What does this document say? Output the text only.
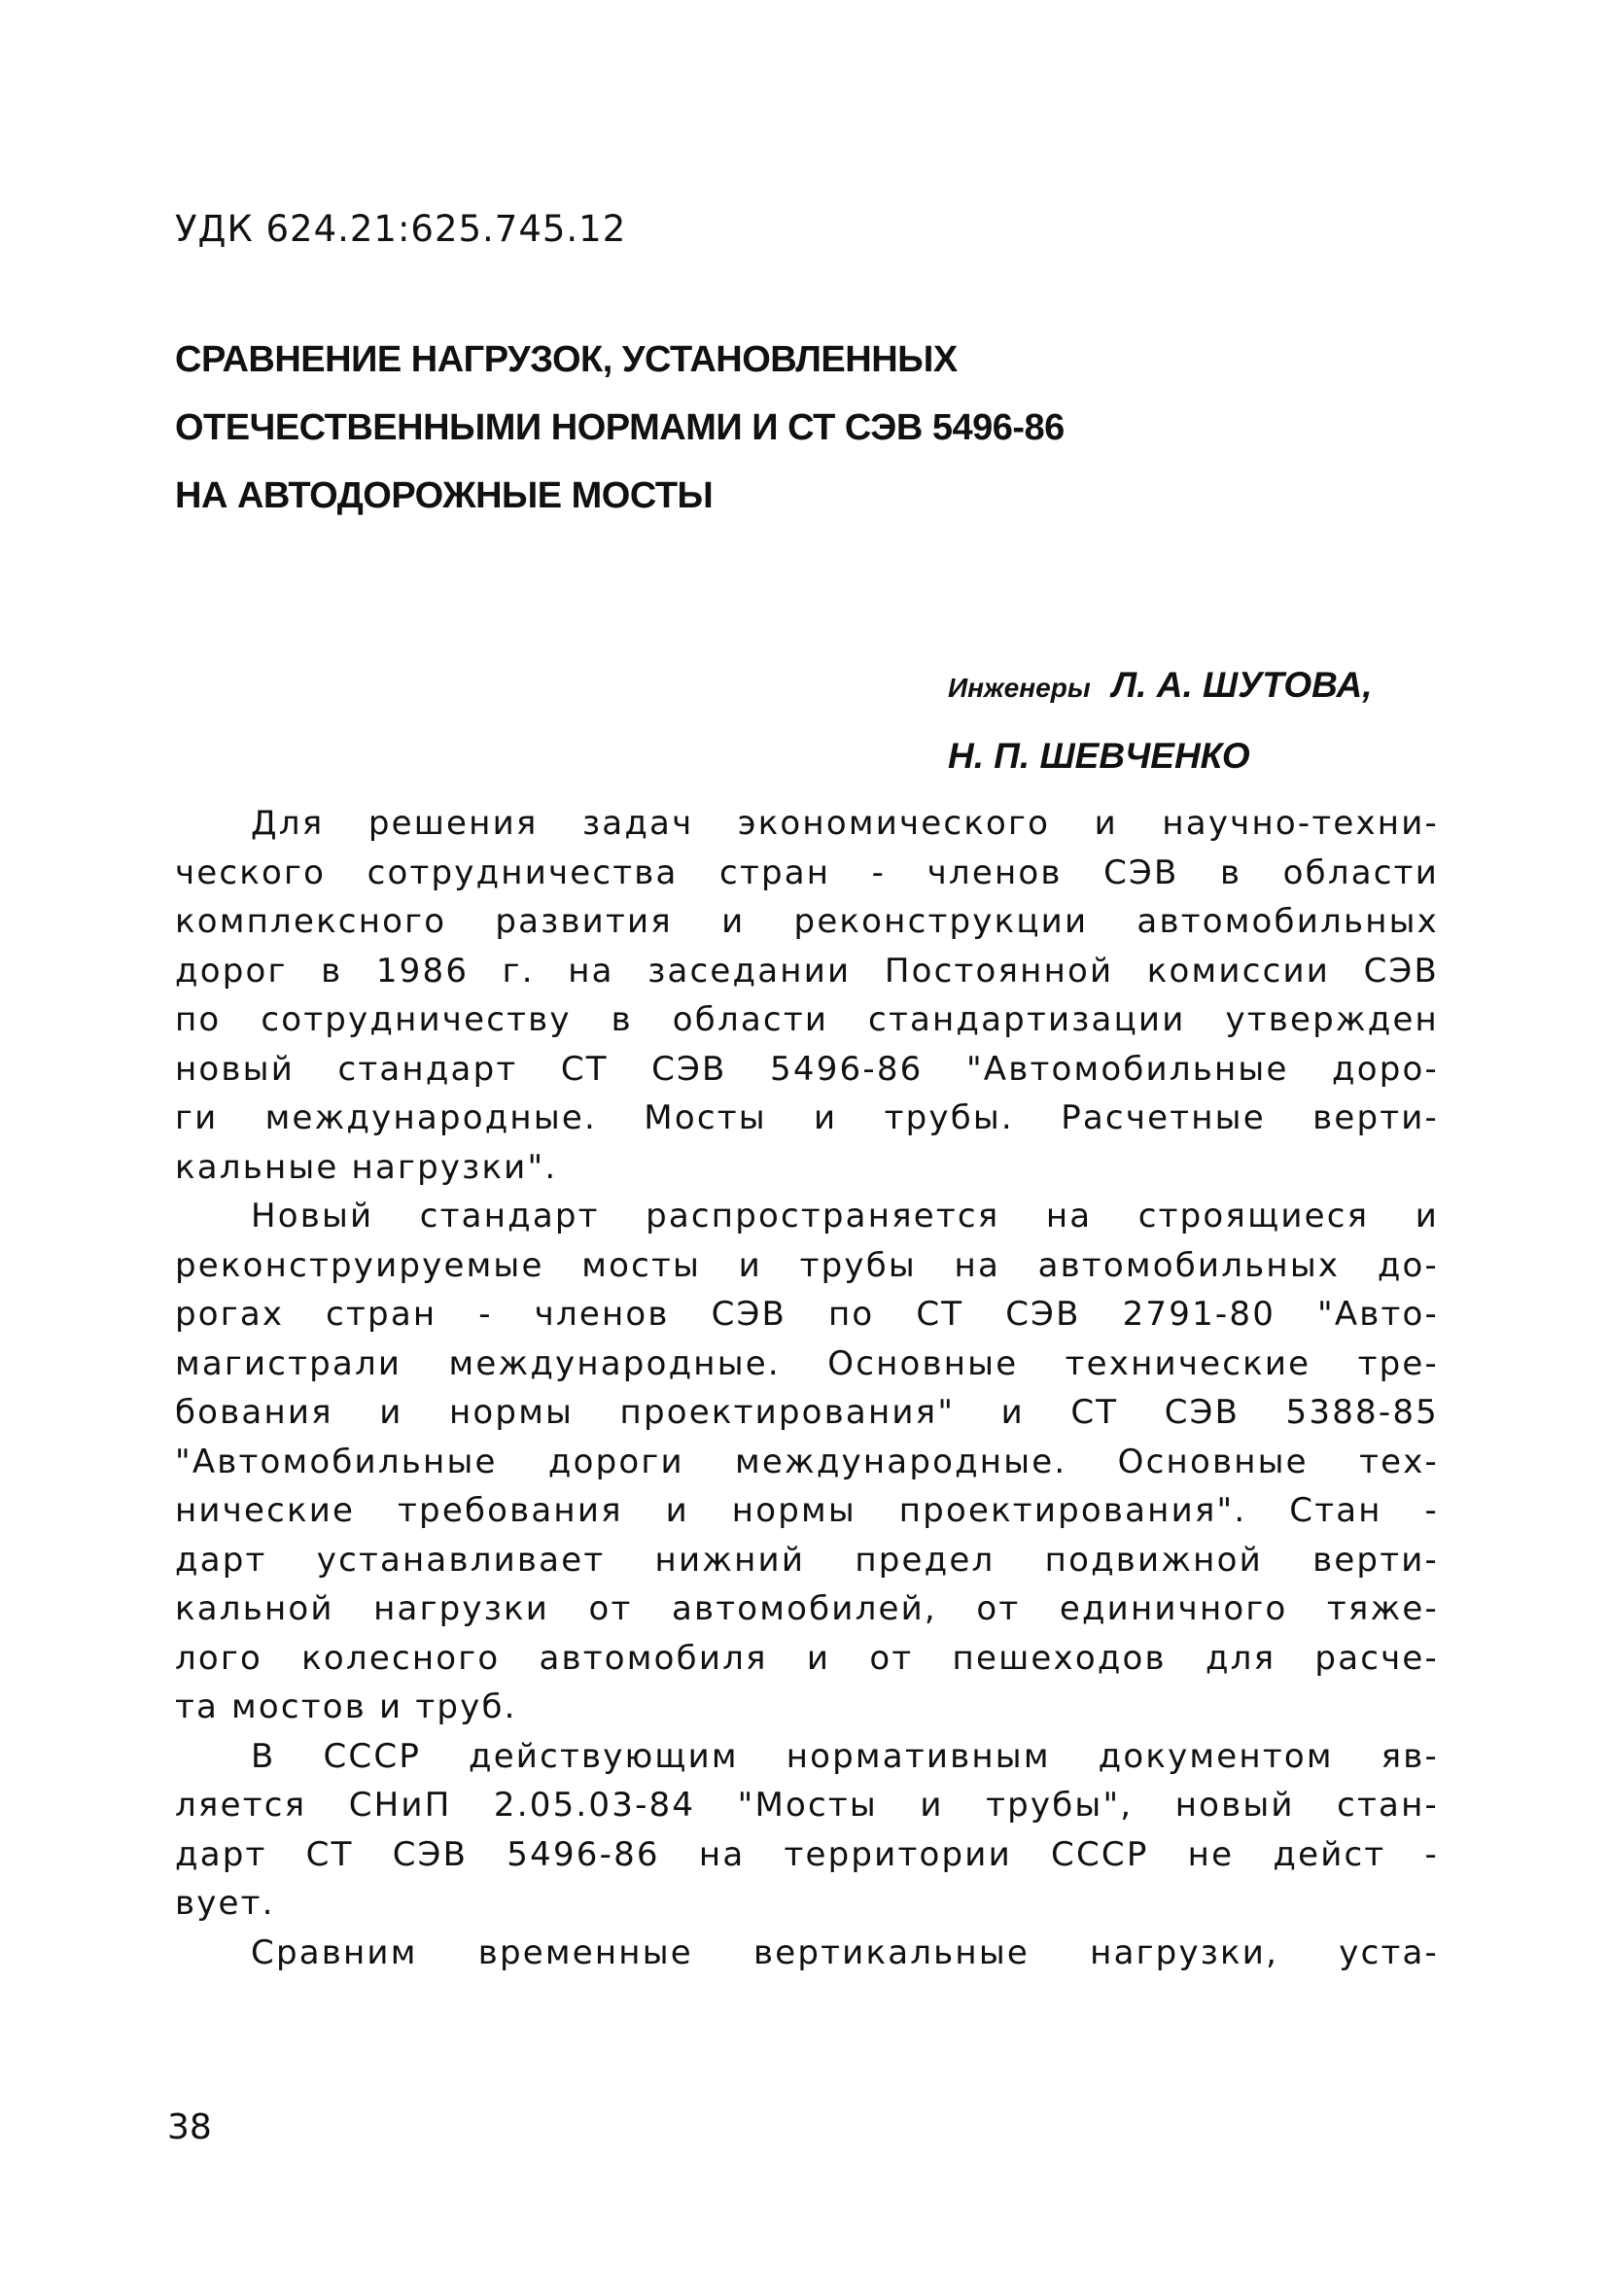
УДК 624.21:625.745.12
СРАВНЕНИЕ НАГРУЗОК, УСТАНОВЛЕННЫХ
ОТЕЧЕСТВЕННЫМИ НОРМАМИ И СТ СЭВ 5496-86
НА АВТОДОРОЖНЫЕ МОСТЫ
Инженеры Л. А. ШУТОВА,
Н. П. ШЕВЧЕНКО
Для решения задач экономического и научно-техни-
ческого сотрудничества стран - членов СЭВ в области
комплексного развития и реконструкции автомобильных
дорог в 1986 г. на заседании Постоянной комиссии СЭВ
по сотрудничеству в области стандартизации утвержден
новый стандарт СТ СЭВ 5496-86 "Автомобильные доро-
ги международные. Мосты и трубы. Расчетные верти-
кальные нагрузки".
Новый стандарт распространяется на строящиеся и
реконструируемые мосты и трубы на автомобильных до-
рогах стран - членов СЭВ по СТ СЭВ 2791-80 "Авто-
магистрали международные. Основные технические тре-
бования и нормы проектирования" и СТ СЭВ 5388-85
"Автомобильные дороги международные. Основные тех-
нические требования и нормы проектирования". Стан -
дарт устанавливает нижний предел подвижной верти-
кальной нагрузки от автомобилей, от единичного тяже-
лого колесного автомобиля и от пешеходов для расче-
та мостов и труб.
В СССР действующим нормативным документом яв-
ляется СНиП 2.05.03-84 "Мосты и трубы", новый стан-
дарт СТ СЭВ 5496-86 на территории СССР не дейст -
вует.
Сравним временные вертикальные нагрузки, уста-
38
